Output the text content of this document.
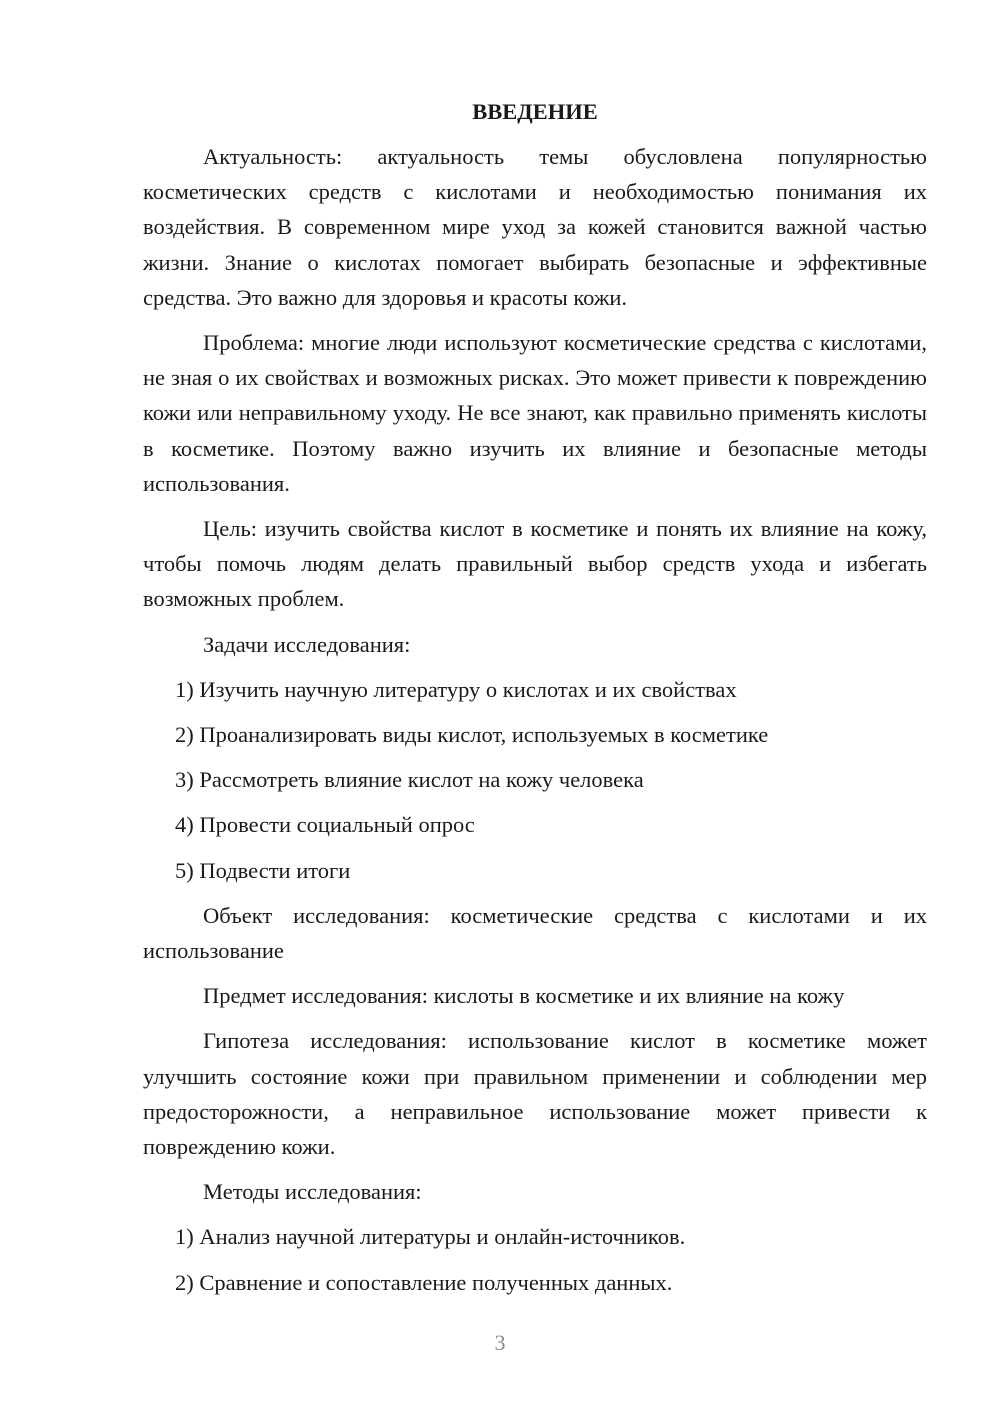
ВВЕДЕНИЕ
Актуальность: актуальность темы обусловлена популярностью косметических средств с кислотами и необходимостью понимания их воздействия. В современном мире уход за кожей становится важной частью жизни. Знание о кислотах помогает выбирать безопасные и эффективные средства. Это важно для здоровья и красоты кожи.
Проблема: многие люди используют косметические средства с кислотами, не зная о их свойствах и возможных рисках. Это может привести к повреждению кожи или неправильному уходу. Не все знают, как правильно применять кислоты в косметике. Поэтому важно изучить их влияние и безопасные методы использования.
Цель: изучить свойства кислот в косметике и понять их влияние на кожу, чтобы помочь людям делать правильный выбор средств ухода и избегать возможных проблем.
Задачи исследования:
1) Изучить научную литературу о кислотах и их свойствах
2) Проанализировать виды кислот, используемых в косметике
3) Рассмотреть влияние кислот на кожу человека
4) Провести социальный опрос
5) Подвести итоги
Объект исследования: косметические средства с кислотами и их использование
Предмет исследования: кислоты в косметике и их влияние на кожу
Гипотеза исследования: использование кислот в косметике может улучшить состояние кожи при правильном применении и соблюдении мер предосторожности, а неправильное использование может привести к повреждению кожи.
Методы исследования:
1) Анализ научной литературы и онлайн-источников.
2) Сравнение и сопоставление полученных данных.
3
